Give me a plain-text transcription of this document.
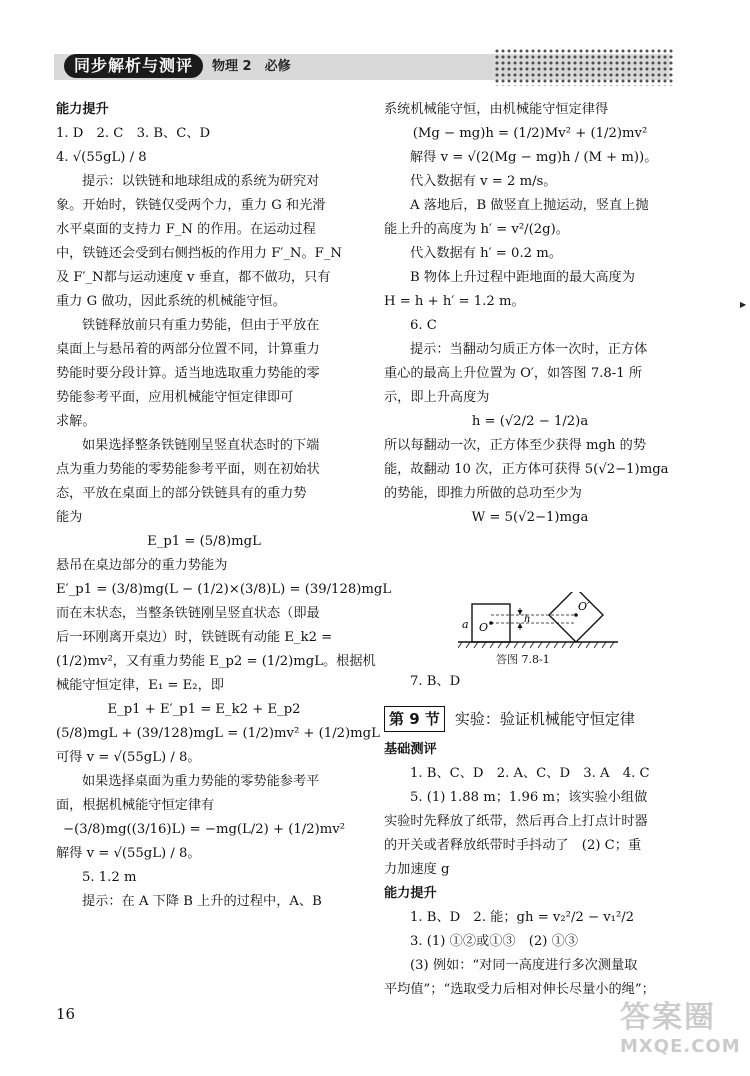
同步解析与测评	物理 2　必修
能力提升
1. D　2. C　3. B、C、D
4. √(55gL) / 8
提示：以铁链和地球组成的系统为研究对
象。开始时，铁链仅受两个力，重力 G 和光滑
水平桌面的支持力 F_N 的作用。在运动过程
中，铁链还会受到右侧挡板的作用力 F′_N。F_N
及 F′_N都与运动速度 v 垂直，都不做功，只有
重力 G 做功，因此系统的机械能守恒。
铁链释放前只有重力势能，但由于平放在
桌面上与悬吊着的两部分位置不同，计算重力
势能时要分段计算。适当地选取重力势能的零
势能参考平面，应用机械能守恒定律即可
求解。
如果选择整条铁链刚呈竖直状态时的下端
点为重力势能的零势能参考平面，则在初始状
态，平放在桌面上的部分铁链具有的重力势
能为
E_p1 = (5/8)mgL
悬吊在桌边部分的重力势能为
E′_p1 = (3/8)mg(L − (1/2)×(3/8)L) = (39/128)mgL
而在末状态，当整条铁链刚呈竖直状态（即最
后一环刚离开桌边）时，铁链既有动能 E_k2 =
(1/2)mv²，又有重力势能 E_p2 = (1/2)mgL。根据机
械能守恒定律，E₁ = E₂，即
E_p1 + E′_p1 = E_k2 + E_p2
(5/8)mgL + (39/128)mgL = (1/2)mv² + (1/2)mgL
可得 v = √(55gL) / 8。
如果选择桌面为重力势能的零势能参考平
面，根据机械能守恒定律有
−(3/8)mg((3/16)L) = −mg(L/2) + (1/2)mv²
解得 v = √(55gL) / 8。
5. 1.2 m
提示：在 A 下降 B 上升的过程中，A、B
系统机械能守恒，由机械能守恒定律得
(Mg − mg)h = (1/2)Mv² + (1/2)mv²
解得 v = √(2(Mg − mg)h / (M + m))。
代入数据有 v = 2 m/s。
A 落地后，B 做竖直上抛运动，竖直上抛
能上升的高度为 h′ = v²/(2g)。
代入数据有 h′ = 0.2 m。
B 物体上升过程中距地面的最大高度为
H = h + h′ = 1.2 m。
6. C
提示：当翻动匀质正方体一次时，正方体
重心的最高上升位置为 O′，如答图 7.8-1 所
示，即上升高度为
h = (√2/2 − 1/2)a
所以每翻动一次，正方体至少获得 mgh 的势
能，故翻动 10 次，正方体可获得 5(√2−1)mga
的势能，即推力所做的总功至少为
W = 5(√2−1)mga
a O
h
O′
答图 7.8-1
7. B、D
第 9 节 实验：验证机械能守恒定律
基础测评
1. B、C、D　2. A、C、D　3. A　4. C
5. (1) 1.88 m；1.96 m；该实验小组做
实验时先释放了纸带，然后再合上打点计时器
的开关或者释放纸带时手抖动了　(2) C；重
力加速度 g
能力提升
1. B、D　2. 能；gh = v₂²/2 − v₁²/2
3. (1) ①②或①③　(2) ①③
(3) 例如：“对同一高度进行多次测量取
平均值”；“选取受力后相对伸长尽量小的绳”；
16	答案圈
MXQE.COM
▶
